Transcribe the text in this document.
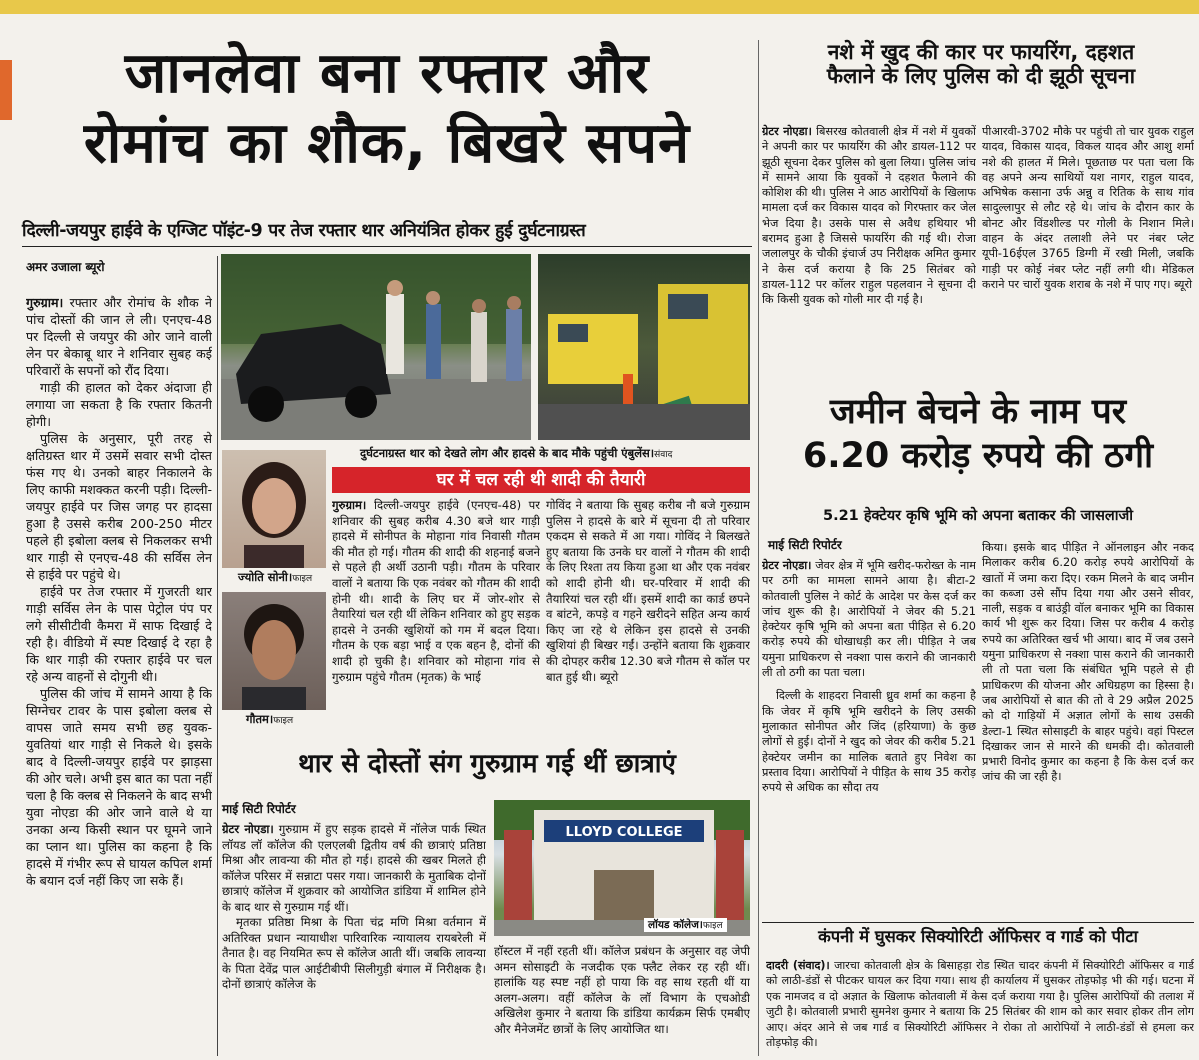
जानलेवा बना रफ्तार और
रोमांच का शौक, बिखरे सपने
दिल्ली-जयपुर हाईवे के एग्जिट पॉइंट-9 पर तेज रफ्तार थार अनियंत्रित होकर हुई दुर्घटनाग्रस्त
अमर उजाला ब्यूरो

गुरुग्राम। रफ्तार और रोमांच के शौक ने पांच दोस्तों की जान ले ली। एनएच-48 पर दिल्ली से जयपुर की ओर जाने वाली लेन पर बेकाबू थार ने शनिवार सुबह कई परिवारों के सपनों को रौंद दिया।

गाड़ी की हालत को देकर अंदाजा ही लगाया जा सकता है कि रफ्तार कितनी होगी।

पुलिस के अनुसार, पूरी तरह से क्षतिग्रस्त थार में उसमें सवार सभी दोस्त फंस गए थे। उनको बाहर निकालने के लिए काफी मशक्कत करनी पड़ी। दिल्ली-जयपुर हाईवे पर जिस जगह पर हादसा हुआ है उससे करीब 200-250 मीटर पहले ही इबोला क्लब से निकलकर सभी थार गाड़ी से एनएच-48 की सर्विस लेन से हाईवे पर पहुंचे थे।

हाईवे पर तेज रफ्तार में गुजरती थार गाड़ी सर्विस लेन के पास पेट्रोल पंप पर लगे सीसीटीवी कैमरा में साफ दिखाई दे रही है। वीडियो में स्पष्ट दिखाई दे रहा है कि थार गाड़ी की रफ्तार हाईवे पर चल रहे अन्य वाहनों से दोगुनी थी।

पुलिस की जांच में सामने आया है कि सिग्नेचर टावर के पास इबोला क्लब से वापस जाते समय सभी छह युवक-युवतियां थार गाड़ी से निकले थे। इसके बाद वे दिल्ली-जयपुर हाईवे पर झाड़सा की ओर चले। अभी इस बात का पता नहीं चला है कि क्लब से निकलने के बाद सभी युवा नोएडा की ओर जाने वाले थे या उनका अन्य किसी स्थान पर घूमने जाने का प्लान था। पुलिस का कहना है कि हादसे में गंभीर रूप से घायल कपिल शर्मा के बयान दर्ज नहीं किए जा सके हैं।

दुर्घटनाग्रस्त थार को देखते लोग और हादसे के बाद मौके पहुंची एंबुलेंस।संवाद
ज्योति सोनी।फाइल
गौतम।फाइल
घर में चल रही थी शादी की तैयारी

गुरुग्राम। दिल्ली-जयपुर हाईवे (एनएच-48) पर शनिवार की सुबह करीब 4.30 बजे थार गाड़ी हादसे में सोनीपत के मोहाना गांव निवासी गौतम की मौत हो गई। गौतम की शादी की शहनाई बजने से पहले ही अर्थी उठानी पड़ी। गौतम के परिवार वालों ने बताया कि एक नवंबर को गौतम की शादी होनी थी। शादी के लिए घर में जोर-शोर से तैयारियां चल रही थीं लेकिन शनिवार को हुए सड़क हादसे ने उनकी खुशियों को गम में बदल दिया। गौतम के एक बड़ा भाई व एक बहन है, दोनों की शादी हो चुकी है। शनिवार को मोहाना गांव से गुरुग्राम पहुंचे गौतम (मृतक) के भाई

गोविंद ने बताया कि सुबह करीब नौ बजे गुरुग्राम पुलिस ने हादसे के बारे में सूचना दी तो परिवार एकदम से सकते में आ गया। गोविंद ने बिलखते हुए बताया कि उनके घर वालों ने गौतम की शादी के लिए रिश्ता तय किया हुआ था और एक नवंबर को शादी होनी थी। घर-परिवार में शादी की तैयारियां चल रही थीं। इसमें शादी का कार्ड छपने व बांटने, कपड़े व गहने खरीदने सहित अन्य कार्य किए जा रहे थे लेकिन इस हादसे से उनकी खुशियां ही बिखर गईं। उन्होंने बताया कि शुक्रवार की दोपहर करीब 12.30 बजे गौतम से कॉल पर बात हुई थी। ब्यूरो

थार से दोस्तों संग गुरुग्राम गई थीं छात्राएं
माई सिटी रिपोर्टर

ग्रेटर नोएडा। गुरुग्राम में हुए सड़क हादसे में नॉलेज पार्क स्थित लॉयड लॉ कॉलेज की एलएलबी द्वितीय वर्ष की छात्राएं प्रतिष्ठा मिश्रा और लावन्या की मौत हो गई। हादसे की खबर मिलते ही कॉलेज परिसर में सन्नाटा पसर गया। जानकारी के मुताबिक दोनों छात्राएं कॉलेज में शुक्रवार को आयोजित डांडिया में शामिल होने के बाद थार से गुरुग्राम गई थीं।

मृतका प्रतिष्ठा मिश्रा के पिता चंद्र मणि मिश्रा वर्तमान में अतिरिक्त प्रधान न्यायाधीश पारिवारिक न्यायालय रायबरेली में तैनात है। वह नियमित रूप से कॉलेज आती थीं। जबकि लावन्या के पिता देवेंद्र पाल आईटीबीपी सिलीगुड़ी बंगाल में निरीक्षक है। दोनों छात्राएं कॉलेज के

LLOYD COLLEGE
लॉयड कॉलेज।फाइल

हॉस्टल में नहीं रहती थीं। कॉलेज प्रबंधन के अनुसार वह जेपी अमन सोसाइटी के नजदीक एक फ्लैट लेकर रह रही थीं। हालांकि यह स्पष्ट नहीं हो पाया कि वह साथ रहती थीं या अलग-अलग। वहीं कॉलेज के लॉ विभाग के एचओडी अखिलेश कुमार ने बताया कि डांडिया कार्यक्रम सिर्फ एमबीए और मैनेजमेंट छात्रों के लिए आयोजित था।

नशे में खुद की कार पर फायरिंग, दहशत
फैलाने के लिए पुलिस को दी झूठी सूचना

ग्रेटर नोएडा। बिसरख कोतवाली क्षेत्र में नशे में युवकों ने अपनी कार पर फायरिंग की और डायल-112 पर झूठी सूचना देकर पुलिस को बुला लिया। पुलिस जांच में सामने आया कि युवकों ने दहशत फैलाने की कोशिश की थी। पुलिस ने आठ आरोपियों के खिलाफ मामला दर्ज कर विकास यादव को गिरफ्तार कर जेल भेज दिया है। उसके पास से अवैध हथियार भी बरामद हुआ है जिससे फायरिंग की गई थी। रोजा जलालपुर के चौकी इंचार्ज उप निरीक्षक अमित कुमार ने केस दर्ज कराया है कि 25 सितंबर को डायल-112 पर कॉलर राहुल पहलवान ने सूचना दी कि किसी युवक को गोली मार दी गई है।

पीआरवी-3702 मौके पर पहुंची तो चार युवक राहुल यादव, विकास यादव, विकल यादव और आशु शर्मा नशे की हालत में मिले। पूछताछ पर पता चला कि वह अपने अन्य साथियों यश नागर, राहुल यादव, अभिषेक कसाना उर्फ अन्नु व रितिक के साथ गांव सादुल्लापुर से लौट रहे थे। जांच के दौरान कार के बोनट और विंडशील्ड पर गोली के निशान मिले। वाहन के अंदर तलाशी लेने पर नंबर प्लेट यूपी-16ईएल 3765 डिग्गी में रखी मिली, जबकि गाड़ी पर कोई नंबर प्लेट नहीं लगी थी। मेडिकल कराने पर चारों युवक शराब के नशे में पाए गए। ब्यूरो

जमीन बेचने के नाम पर
6.20 करोड़ रुपये की ठगी
5.21 हेक्टेयर कृषि भूमि को अपना बताकर की जासलाजी
माई सिटी रिपोर्टर

ग्रेटर नोएडा। जेवर क्षेत्र में भूमि खरीद-फरोख्त के नाम पर ठगी का मामला सामने आया है। बीटा-2 कोतवाली पुलिस ने कोर्ट के आदेश पर केस दर्ज कर जांच शुरू की है। आरोपियों ने जेवर की 5.21 हेक्टेयर कृषि भूमि को अपना बता पीड़ित से 6.20 करोड़ रुपये की धोखाधड़ी कर ली। पीड़ित ने जब यमुना प्राधिकरण से नक्शा पास कराने की जानकारी ली तो ठगी का पता चला।

दिल्ली के शाहदरा निवासी ध्रुव शर्मा का कहना है कि जेवर में कृषि भूमि खरीदने के लिए उसकी मुलाकात सोनीपत और जिंद (हरियाणा) के कुछ लोगों से हुई। दोनों ने खुद को जेवर की करीब 5.21 हेक्टेयर जमीन का मालिक बताते हुए निवेश का प्रस्ताव दिया। आरोपियों ने पीड़ित के साथ 35 करोड़ रुपये से अधिक का सौदा तय

किया। इसके बाद पीड़ित ने ऑनलाइन और नकद मिलाकर करीब 6.20 करोड़ रुपये आरोपियों के खातों में जमा करा दिए। रकम मिलने के बाद जमीन का कब्जा उसे सौंप दिया गया और उसने सीवर, नाली, सड़क व बाउंड्री वॉल बनाकर भूमि का विकास कार्य भी शुरू कर दिया। जिस पर करीब 4 करोड़ रुपये का अतिरिक्त खर्च भी आया। बाद में जब उसने यमुना प्राधिकरण से नक्शा पास कराने की जानकारी ली तो पता चला कि संबंधित भूमि पहले से ही प्राधिकरण की योजना और अधिग्रहण का हिस्सा है। जब आरोपियों से बात की तो वे 29 अप्रैल 2025 को दो गाड़ियों में अज्ञात लोगों के साथ उसकी डेल्टा-1 स्थित सोसाइटी के बाहर पहुंचे। वहां पिस्टल दिखाकर जान से मारने की धमकी दी। कोतवाली प्रभारी विनोद कुमार का कहना है कि केस दर्ज कर जांच की जा रही है।

कंपनी में घुसकर सिक्योरिटी ऑफिसर व गार्ड को पीटा

दादरी (संवाद)। जारचा कोतवाली क्षेत्र के बिसाहड़ा रोड स्थित चादर कंपनी में सिक्योरिटी ऑफिसर व गार्ड को लाठी-डंडों से पीटकर घायल कर दिया गया। साथ ही कार्यालय में घुसकर तोड़फोड़ भी की गई। घटना में एक नामजद व दो अज्ञात के खिलाफ कोतवाली में केस दर्ज कराया गया है। पुलिस आरोपियों की तलाश में जुटी है। कोतवाली प्रभारी सुमनेश कुमार ने बताया कि 25 सितंबर की शाम को कार सवार होकर तीन लोग आए। अंदर आने से जब गार्ड व सिक्योरिटी ऑफिसर ने रोका तो आरोपियों ने लाठी-डंडों से हमला कर तोड़फोड़ की।
